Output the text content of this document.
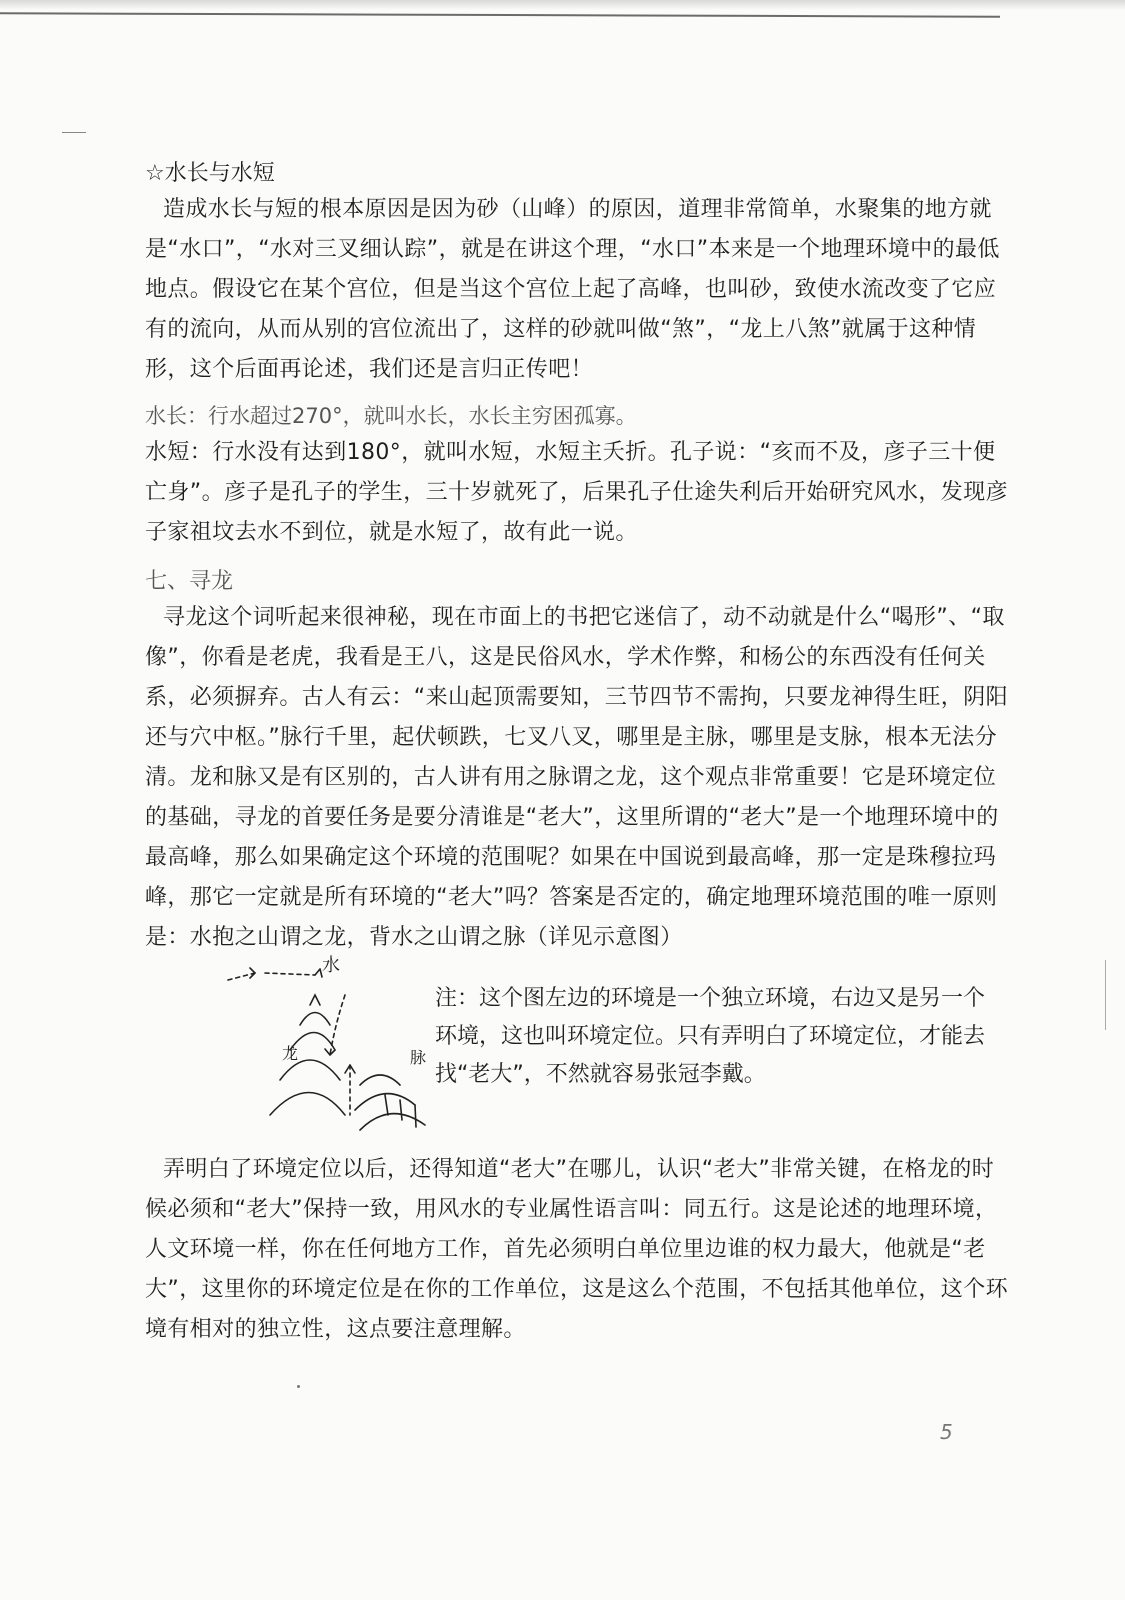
☆水长与水短
造成水长与短的根本原因是因为砂（山峰）的原因，道理非常简单，水聚集的地方就是“水口”，“水对三叉细认踪”，就是在讲这个理，“水口”本来是一个地理环境中的最低地点。假设它在某个宫位，但是当这个宫位上起了高峰，也叫砂，致使水流改变了它应有的流向，从而从别的宫位流出了，这样的砂就叫做“煞”，“龙上八煞”就属于这种情形，这个后面再论述，我们还是言归正传吧！
水长：行水超过270°，就叫水长，水长主穷困孤寡。
水短：行水没有达到180°，就叫水短，水短主夭折。孔子说：“亥而不及，彦子三十便亡身”。彦子是孔子的学生，三十岁就死了，后果孔子仕途失利后开始研究风水，发现彦子家祖坟去水不到位，就是水短了，故有此一说。
七、寻龙
寻龙这个词听起来很神秘，现在市面上的书把它迷信了，动不动就是什么“喝形”、“取像”，你看是老虎，我看是王八，这是民俗风水，学术作弊，和杨公的东西没有任何关系，必须摒弃。古人有云：“来山起顶需要知，三节四节不需拘，只要龙神得生旺，阴阳还与穴中枢。”脉行千里，起伏顿跌，七叉八叉，哪里是主脉，哪里是支脉，根本无法分清。龙和脉又是有区别的，古人讲有用之脉谓之龙，这个观点非常重要！它是环境定位的基础，寻龙的首要任务是要分清谁是“老大”，这里所谓的“老大”是一个地理环境中的最高峰，那么如果确定这个环境的范围呢？如果在中国说到最高峰，那一定是珠穆拉玛峰，那它一定就是所有环境的“老大”吗？答案是否定的，确定地理环境范围的唯一原则是：水抱之山谓之龙，背水之山谓之脉（详见示意图）
水
龙	脉
注：这个图左边的环境是一个独立环境，右边又是另一个环境，这也叫环境定位。只有弄明白了环境定位，才能去找“老大”，不然就容易张冠李戴。
弄明白了环境定位以后，还得知道“老大”在哪儿，认识“老大”非常关键，在格龙的时候必须和“老大”保持一致，用风水的专业属性语言叫：同五行。这是论述的地理环境，人文环境一样，你在任何地方工作，首先必须明白单位里边谁的权力最大，他就是“老大”，这里你的环境定位是在你的工作单位，这是这么个范围，不包括其他单位，这个环境有相对的独立性，这点要注意理解。
5
